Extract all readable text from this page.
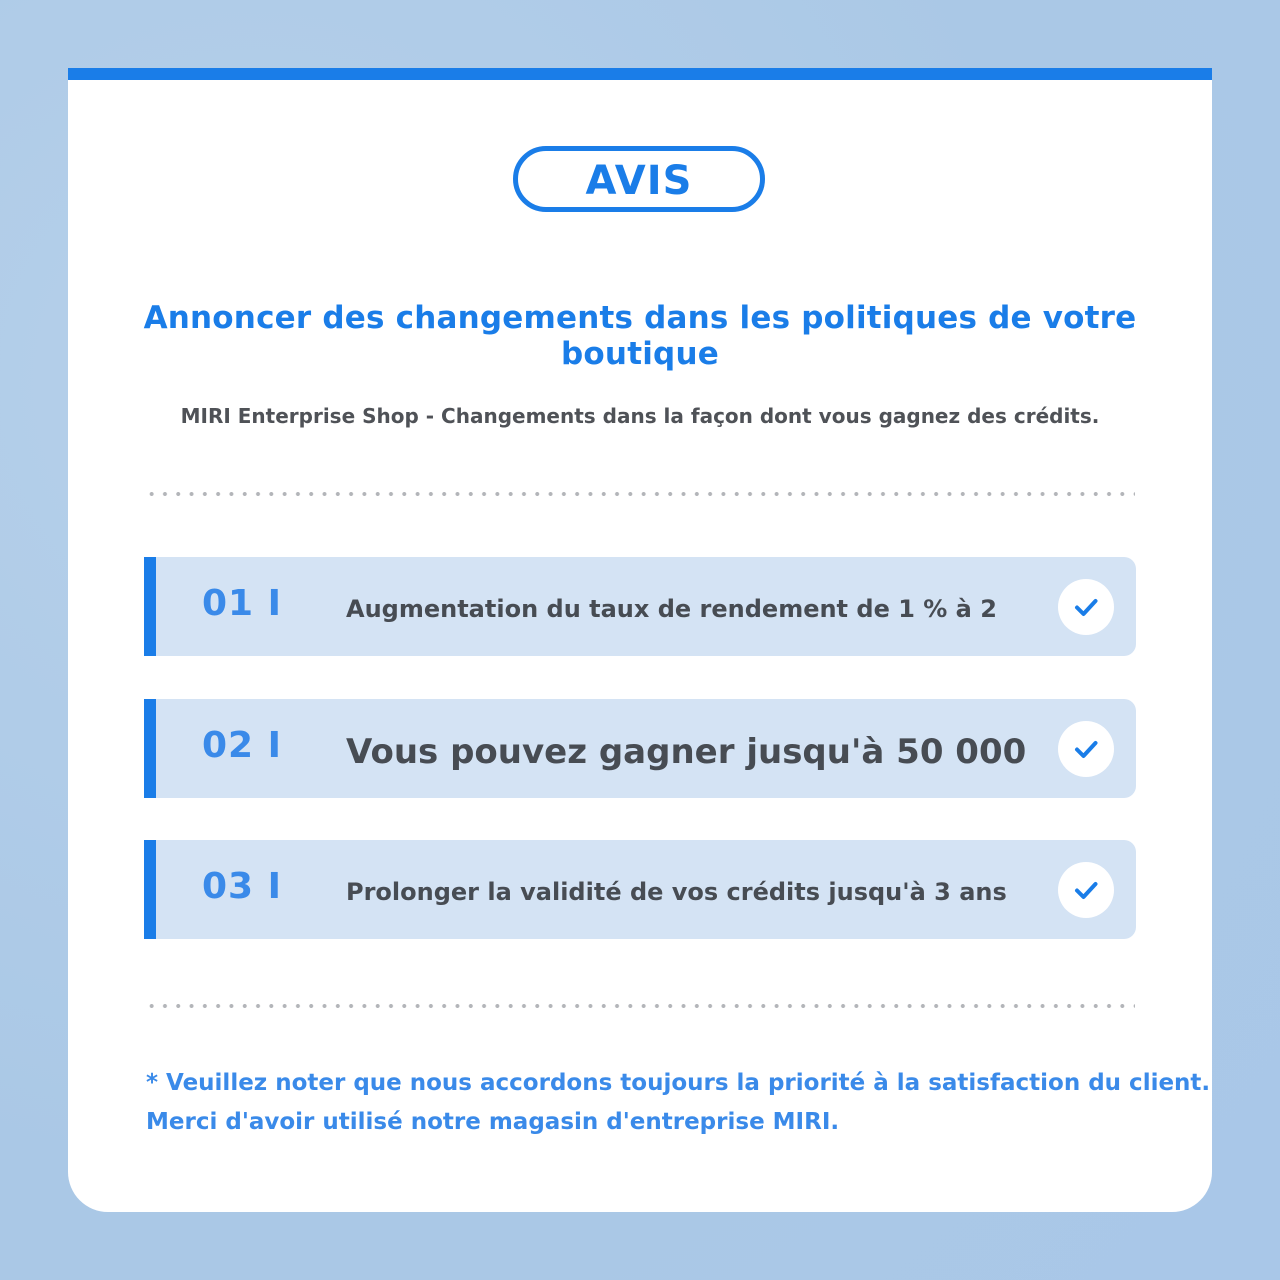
AVIS
Annoncer des changements dans les politiques de votre boutique
MIRI Enterprise Shop - Changements dans la façon dont vous gagnez des crédits.
01 I	Augmentation du taux de rendement de 1 % à 2
02 I Vous pouvez gagner jusqu'à 50 000
03 I	Prolonger la validité de vos crédits jusqu'à 3 ans
* Veuillez noter que nous accordons toujours la priorité à la satisfaction du client.
Merci d'avoir utilisé notre magasin d'entreprise MIRI.
